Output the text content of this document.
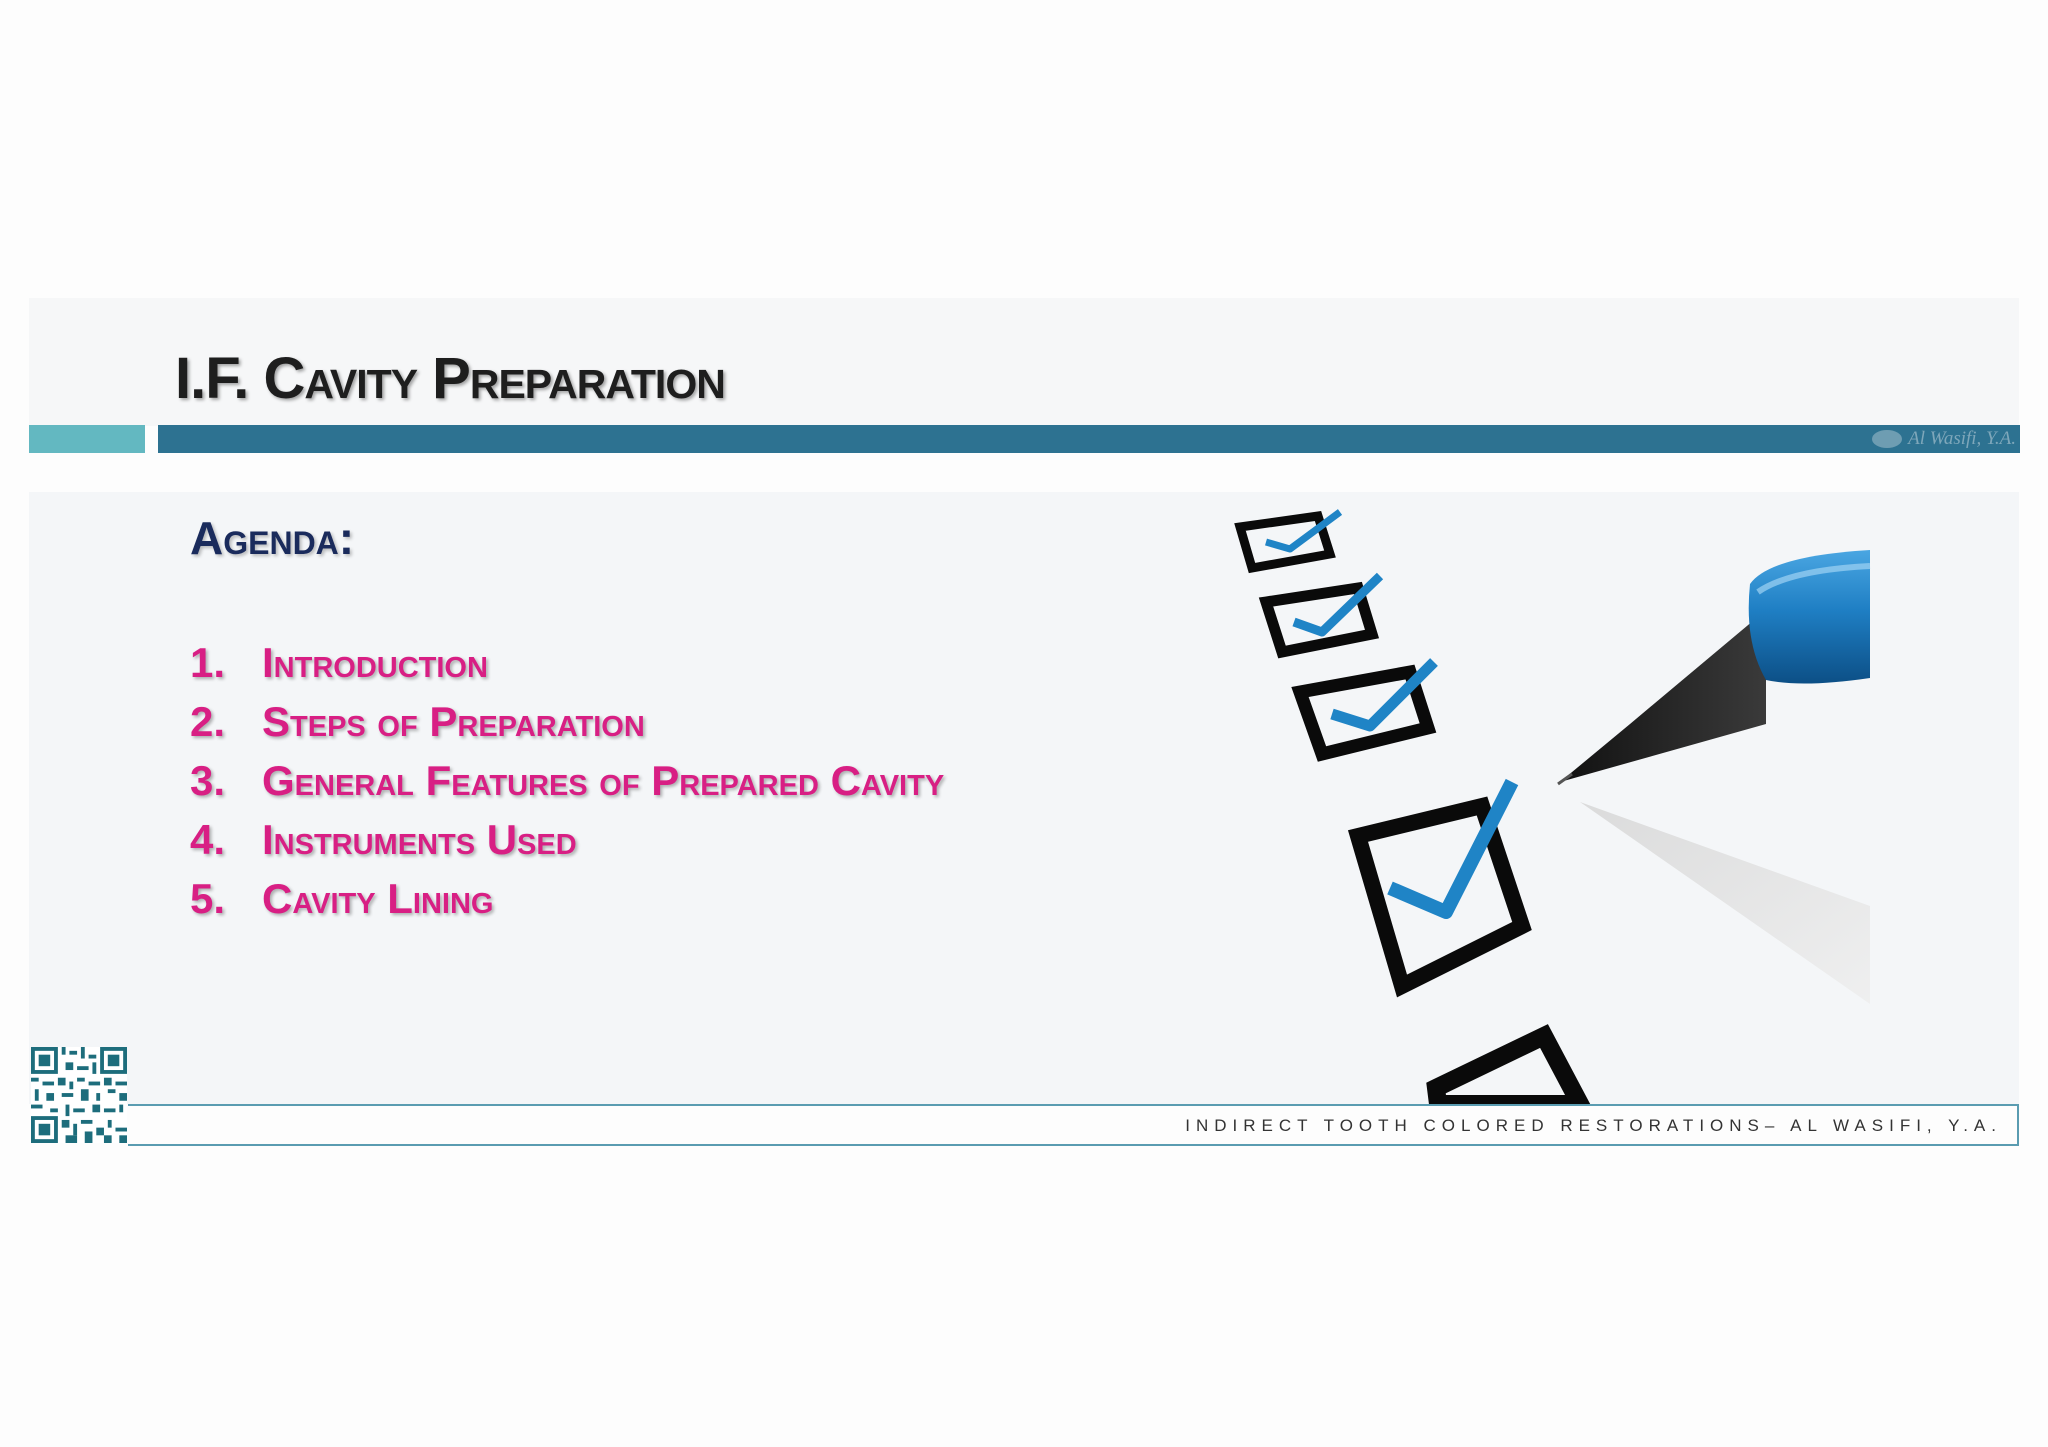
I.F. Cavity Preparation
Al Wasifi, Y.A.
Agenda:
1. Introduction
2. Steps of Preparation
3. General Features of Prepared Cavity
4. Instruments Used
5. Cavity Lining
INDIRECT TOOTH COLORED RESTORATIONS– AL WASIFI, Y.A.
